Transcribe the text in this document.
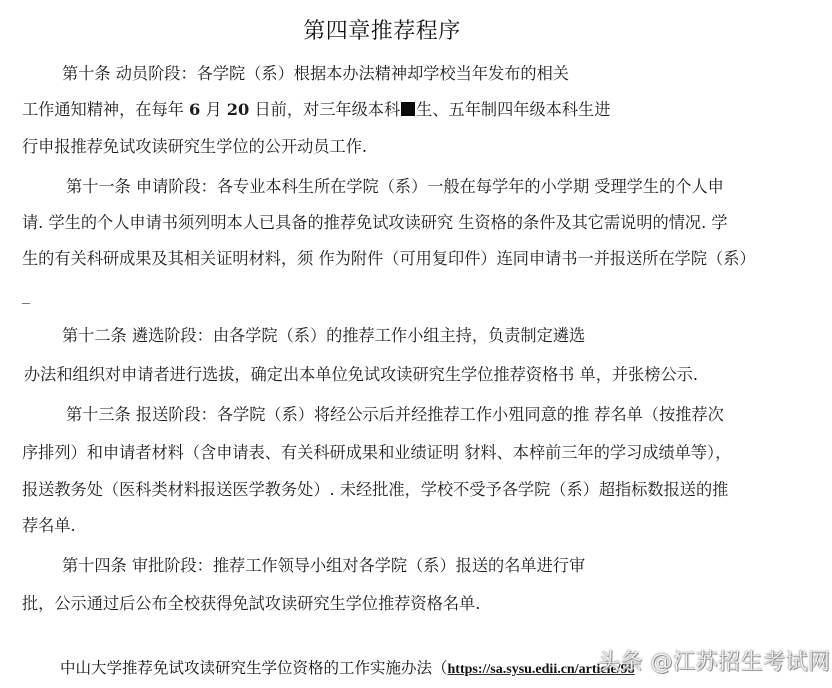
第四章推荐程序
第十条 动员阶段：各学院（系）根据本办法精神却学校当年发布的相关
工作通知精神，在每年 6 月 20 日前，对三年级本科 生、五年制四年级本科生进
行申报推荐免试攻读研究生学位的公开动员工作.
第十一条 申请阶段：各专业本科生所在学院（系）一般在每学年的小学期 受理学生的个人申
请. 学生的个人申请书须列明本人已具备的推荐免试攻读研究 生资格的条件及其它需说明的情况. 学
生的有关科研成果及其相关证明材料，须 作为附件（可用复印件）连同申请书一并报送所在学院（系）
_
第十二条 遴选阶段：由各学院（系）的推荐工作小组主持，负责制定遴选
办法和组织对申请者进行选拔，确定出本单位免试攻读研究生学位推荐资格书 单，并张榜公示.
第十三条 报送阶段：各学院（系）将经公示后并经推荐工作小殂同意的推 荐名单（按推荐次
序排列）和申请者材料（含申请表、有关科研成果和业绩证明 豺料、本梓前三年的学习成绩单等），
报送教务处（医科类材料报送医学教务处）. 未经批准，学校不受予各学院（系）超指标数报送的推
荐名单.
第十四条 审批阶段：推荐工作领导小组对各学院（系）报送的名单进行审
批，公示通过后公布全校获得免試攻读研究生学位推荐资格名单.
中山大学推荐免试攻读研究生学位资格的工作实施办法（https://sa.sysu.edii.cn/article/98
头条 @江苏招生考试网
